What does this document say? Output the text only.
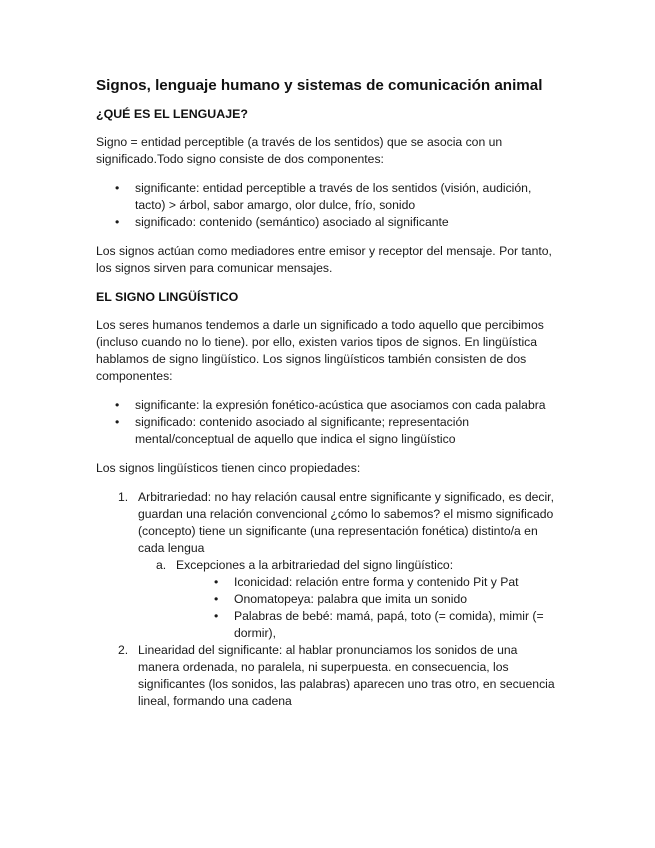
Signos, lenguaje humano y sistemas de comunicación animal
¿QUÉ ES EL LENGUAJE?

Signo = entidad perceptible (a través de los sentidos) que se asocia con un significado.Todo signo consiste de dos componentes:

• significante: entidad perceptible a través de los sentidos (visión, audición, tacto) > árbol, sabor amargo, olor dulce, frío, sonido
• significado: contenido (semántico) asociado al significante

Los signos actúan como mediadores entre emisor y receptor del mensaje. Por tanto, los signos sirven para comunicar mensajes.

EL SIGNO LINGÜÍSTICO

Los seres humanos tendemos a darle un significado a todo aquello que percibimos (incluso cuando no lo tiene). por ello, existen varios tipos de signos. En lingüística hablamos de signo lingüístico. Los signos lingüísticos también consisten de dos componentes:

• significante: la expresión fonético-acústica que asociamos con cada palabra
• significado: contenido asociado al significante; representación mental/conceptual de aquello que indica el signo lingüístico

Los signos lingüísticos tienen cinco propiedades:

1. Arbitrariedad: no hay relación causal entre significante y significado, es decir, guardan una relación convencional ¿cómo lo sabemos? el mismo significado (concepto) tiene un significante (una representación fonética) distinto/a en cada lengua
a. Excepciones a la arbitrariedad del signo lingüístico:
• Iconicidad: relación entre forma y contenido Pit y Pat
• Onomatopeya: palabra que imita un sonido
• Palabras de bebé: mamá, papá, toto (= comida), mimir (= dormir),
2. Linearidad del significante: al hablar pronunciamos los sonidos de una manera ordenada, no paralela, ni superpuesta. en consecuencia, los significantes (los sonidos, las palabras) aparecen uno tras otro, en secuencia lineal, formando una cadena
